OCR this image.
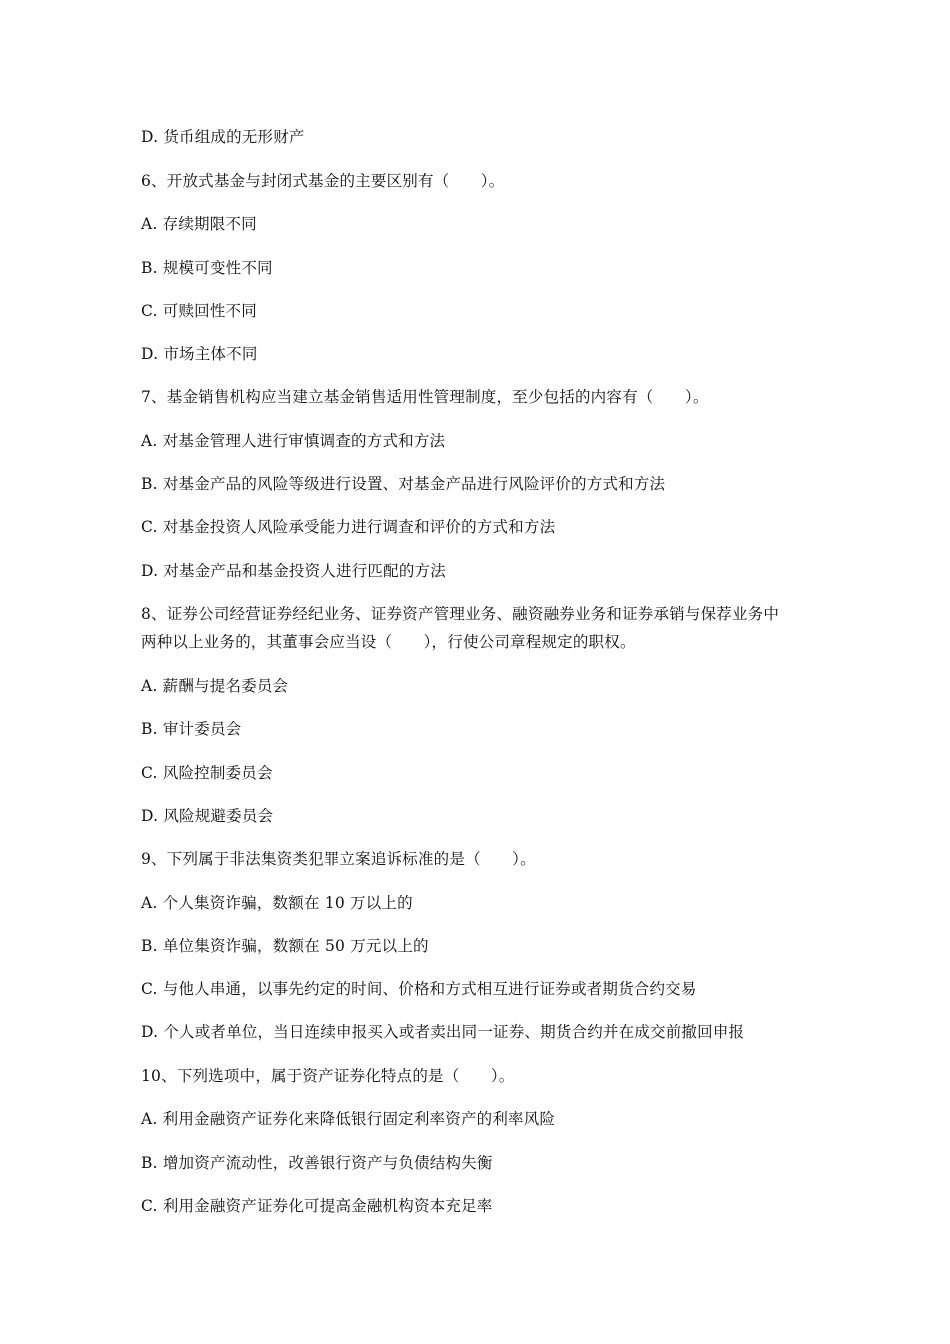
D. 货币组成的无形财产
6、开放式基金与封闭式基金的主要区别有（　　）。
A. 存续期限不同
B. 规模可变性不同
C. 可赎回性不同
D. 市场主体不同
7、基金销售机构应当建立基金销售适用性管理制度，至少包括的内容有（　　）。
A. 对基金管理人进行审慎调查的方式和方法
B. 对基金产品的风险等级进行设置、对基金产品进行风险评价的方式和方法
C. 对基金投资人风险承受能力进行调查和评价的方式和方法
D. 对基金产品和基金投资人进行匹配的方法
8、证券公司经营证券经纪业务、证券资产管理业务、融资融券业务和证券承销与保荐业务中
两种以上业务的，其董事会应当设（　　），行使公司章程规定的职权。
A. 薪酬与提名委员会
B. 审计委员会
C. 风险控制委员会
D. 风险规避委员会
9、下列属于非法集资类犯罪立案追诉标准的是（　　）。
A. 个人集资诈骗，数额在 10 万以上的
B. 单位集资诈骗，数额在 50 万元以上的
C. 与他人串通，以事先约定的时间、价格和方式相互进行证券或者期货合约交易
D. 个人或者单位，当日连续申报买入或者卖出同一证券、期货合约并在成交前撤回申报
10、下列选项中，属于资产证券化特点的是（　　）。
A. 利用金融资产证券化来降低银行固定利率资产的利率风险
B. 增加资产流动性，改善银行资产与负债结构失衡
C. 利用金融资产证券化可提高金融机构资本充足率
